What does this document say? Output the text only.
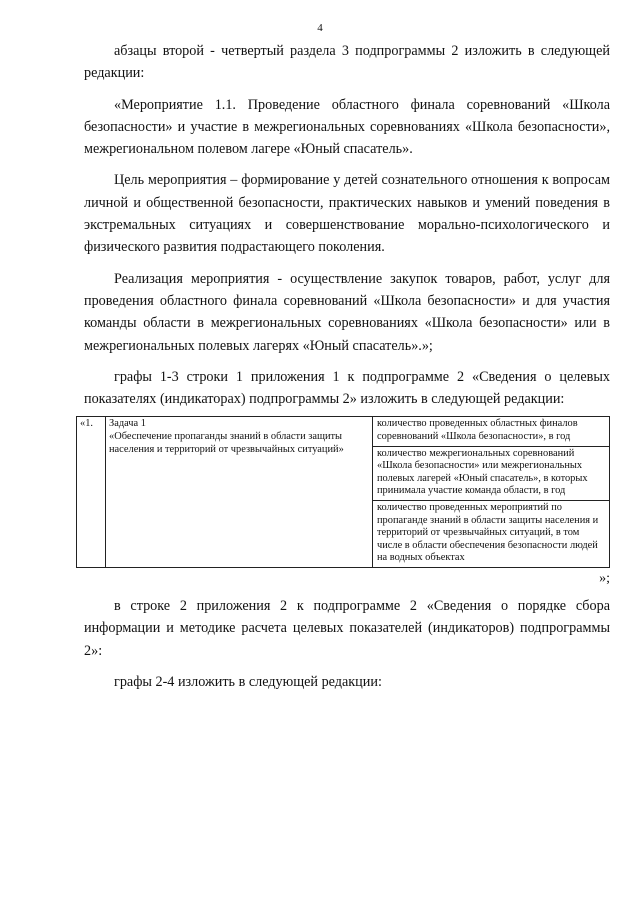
4

абзацы второй - четвертый раздела 3 подпрограммы 2 изложить в следующей редакции:

«Мероприятие 1.1. Проведение областного финала соревнований «Школа безопасности» и участие в межрегиональных соревнованиях «Школа безопасности», межрегиональном полевом лагере «Юный спасатель».

Цель мероприятия – формирование у детей сознательного отношения к вопросам личной и общественной безопасности, практических навыков и умений поведения в экстремальных ситуациях и совершенствование морально-психологического и физического развития подрастающего поколения.

Реализация мероприятия - осуществление закупок товаров, работ, услуг для проведения областного финала соревнований «Школа безопасности» и для участия команды области в межрегиональных соревнованиях «Школа безопасности» или в межрегиональных полевых лагерях «Юный спасатель».»;

графы 1-3 строки 1 приложения 1 к подпрограмме 2 «Сведения о целевых показателях (индикаторах) подпрограммы 2» изложить в следующей редакции:

«1.	Задача 1
«Обеспечение пропаганды знаний в области защиты населения и территорий от чрезвычайных ситуаций»	количество проведенных областных финалов соревнований «Школа безопасности», в год
количество межрегиональных соревнований «Школа безопасности» или межрегиональных полевых лагерей «Юный спасатель», в которых принимала участие команда области, в год
количество проведенных мероприятий по пропаганде знаний в области защиты населения и территорий от чрезвычайных ситуаций, в том числе в области обеспечения безопасности людей на водных объектах
»;

в строке 2 приложения 2 к подпрограмме 2 «Сведения о порядке сбора информации и методике расчета целевых показателей (индикаторов) подпрограммы 2»:

графы 2-4 изложить в следующей редакции:
